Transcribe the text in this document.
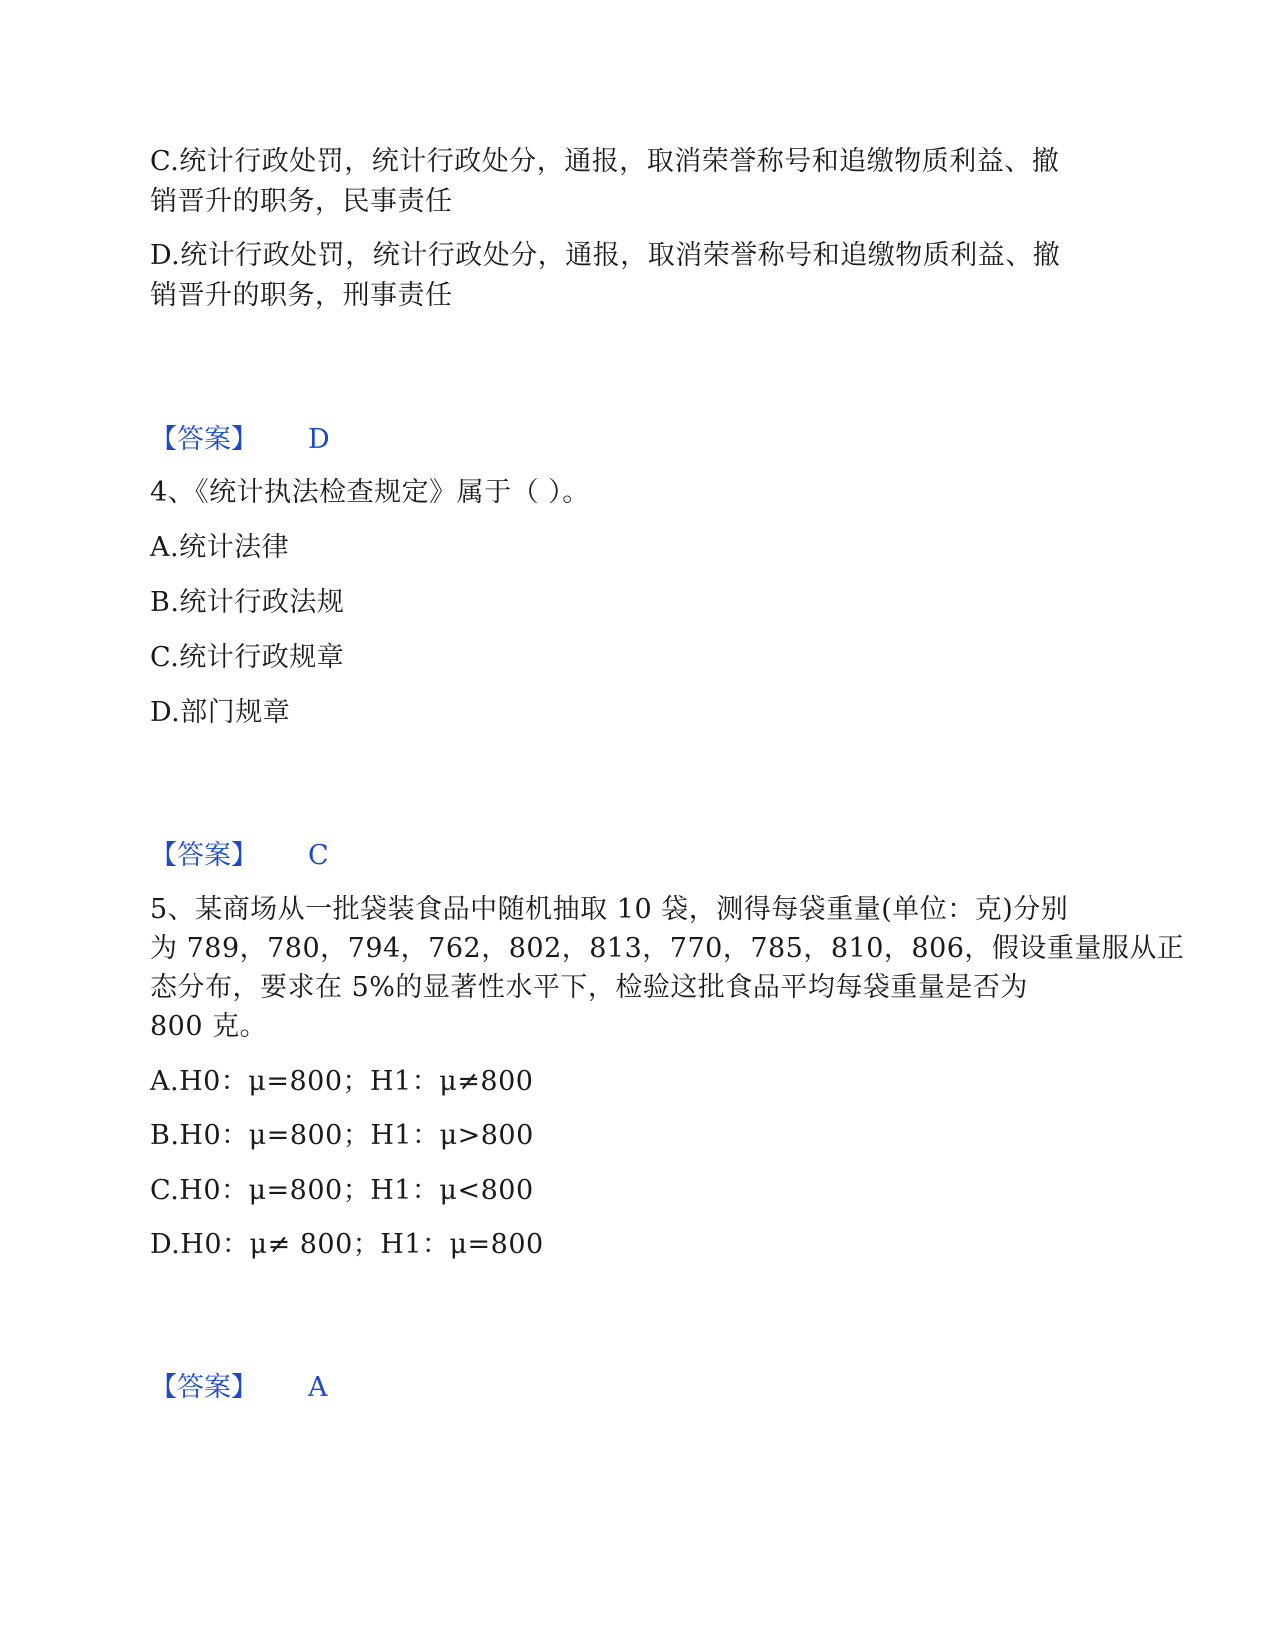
C.统计行政处罚，统计行政处分，通报，取消荣誉称号和追缴物质利益、撤
销晋升的职务，民事责任
D.统计行政处罚，统计行政处分，通报，取消荣誉称号和追缴物质利益、撤
销晋升的职务，刑事责任
【答案】 D
4、《统计执法检查规定》属于（ ）。
A.统计法律
B.统计行政法规
C.统计行政规章
D.部门规章
【答案】 C
5、某商场从一批袋装食品中随机抽取 10 袋，测得每袋重量(单位：克)分别
为 789，780，794，762，802，813，770，785，810，806，假设重量服从正
态分布，要求在 5%的显著性水平下，检验这批食品平均每袋重量是否为
800 克。
A.H0：μ=800；H1：μ≠800
B.H0：μ=800；H1：μ>800
C.H0：μ=800；H1：μ<800
D.H0：μ≠ 800；H1：μ=800
【答案】 A
